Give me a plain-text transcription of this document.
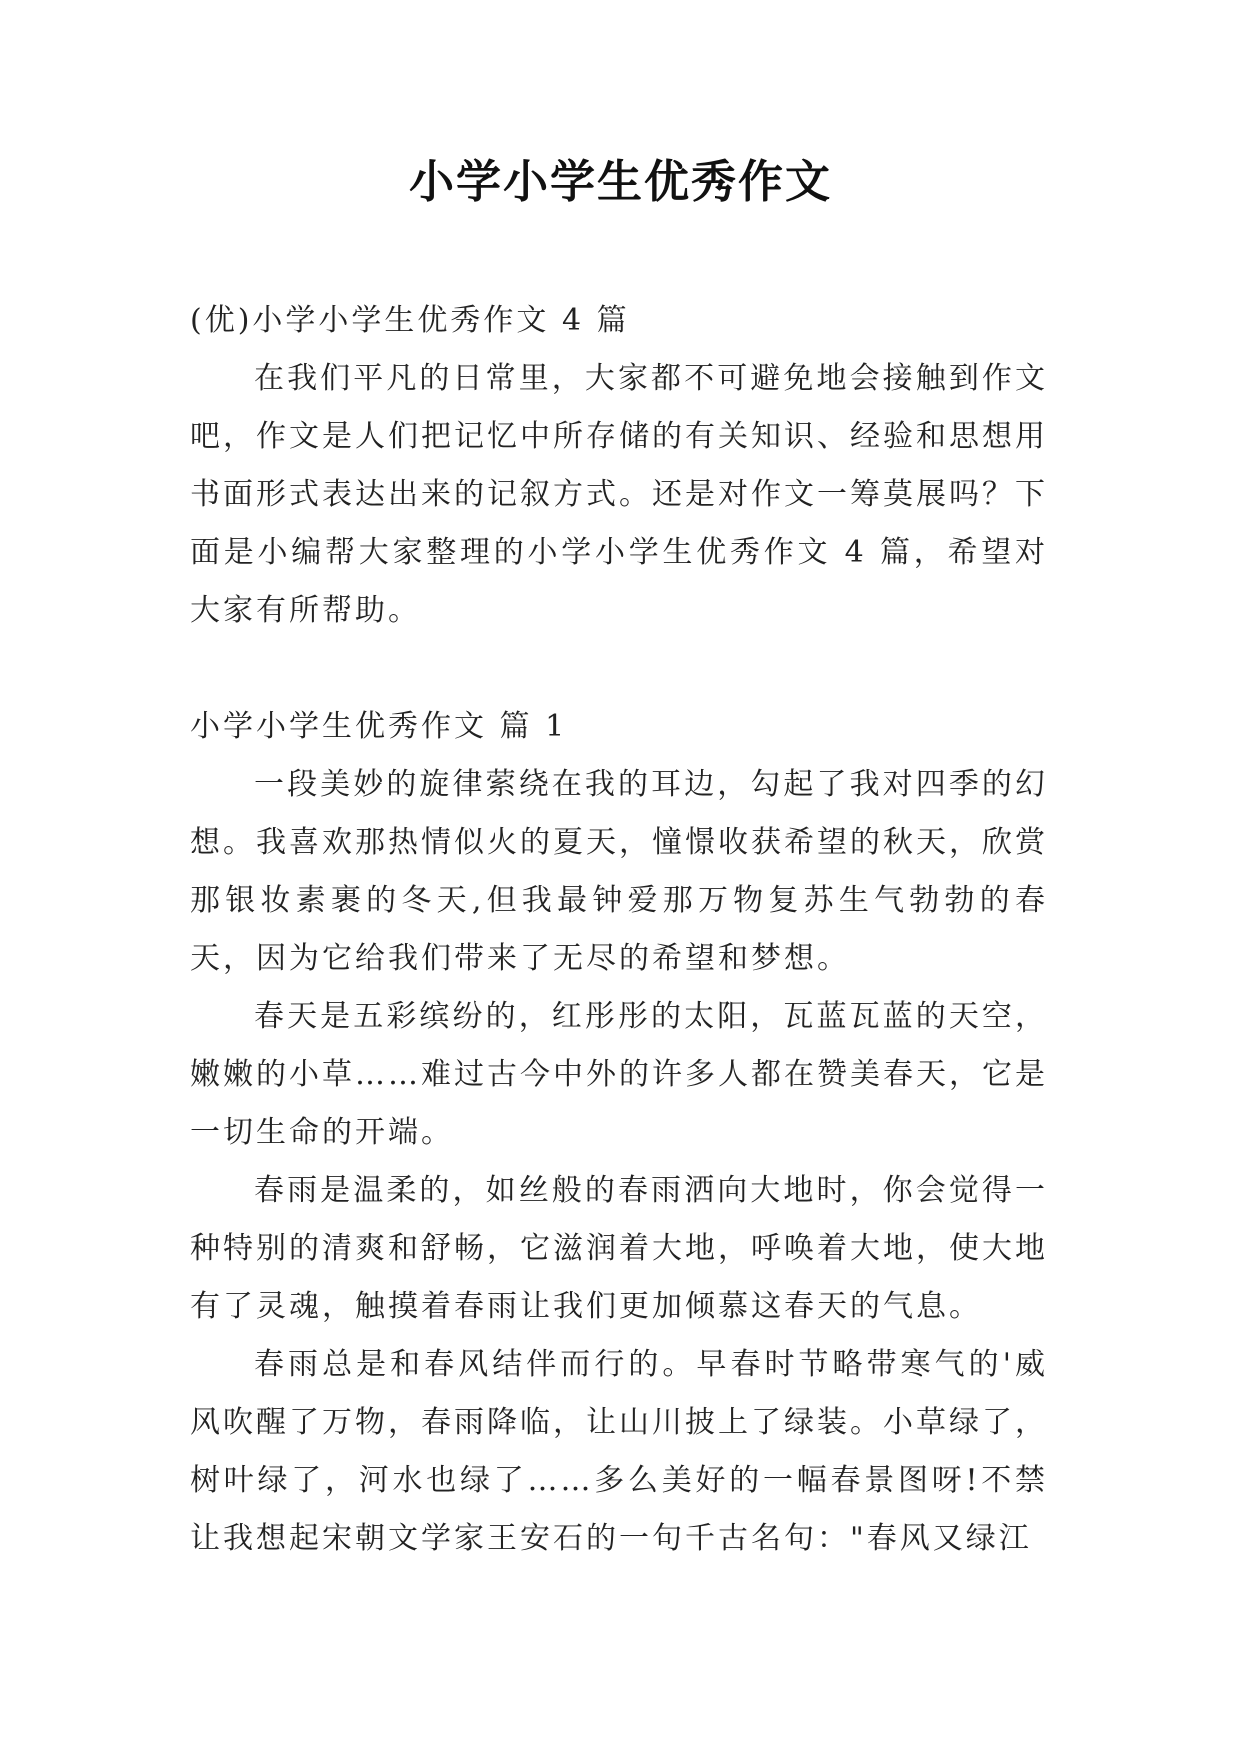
小学小学生优秀作文

(优)小学小学生优秀作文 4 篇

在我们平凡的日常里，大家都不可避免地会接触到作文吧，作文是人们把记忆中所存储的有关知识、经验和思想用书面形式表达出来的记叙方式。还是对作文一筹莫展吗？下面是小编帮大家整理的小学小学生优秀作文 4 篇，希望对大家有所帮助。

小学小学生优秀作文 篇 1

一段美妙的旋律萦绕在我的耳边，勾起了我对四季的幻想。我喜欢那热情似火的夏天，憧憬收获希望的秋天，欣赏那银妆素裹的冬天,但我最钟爱那万物复苏生气勃勃的春天，因为它给我们带来了无尽的希望和梦想。

春天是五彩缤纷的，红彤彤的太阳，瓦蓝瓦蓝的天空，嫩嫩的小草……难过古今中外的许多人都在赞美春天，它是一切生命的开端。

春雨是温柔的，如丝般的春雨洒向大地时，你会觉得一种特别的清爽和舒畅，它滋润着大地，呼唤着大地，使大地有了灵魂，触摸着春雨让我们更加倾慕这春天的气息。

春雨总是和春风结伴而行的。早春时节略带寒气的'威风吹醒了万物，春雨降临，让山川披上了绿装。小草绿了，树叶绿了，河水也绿了……多么美好的一幅春景图呀!不禁让我想起宋朝文学家王安石的一句千古名句："春风又绿江
